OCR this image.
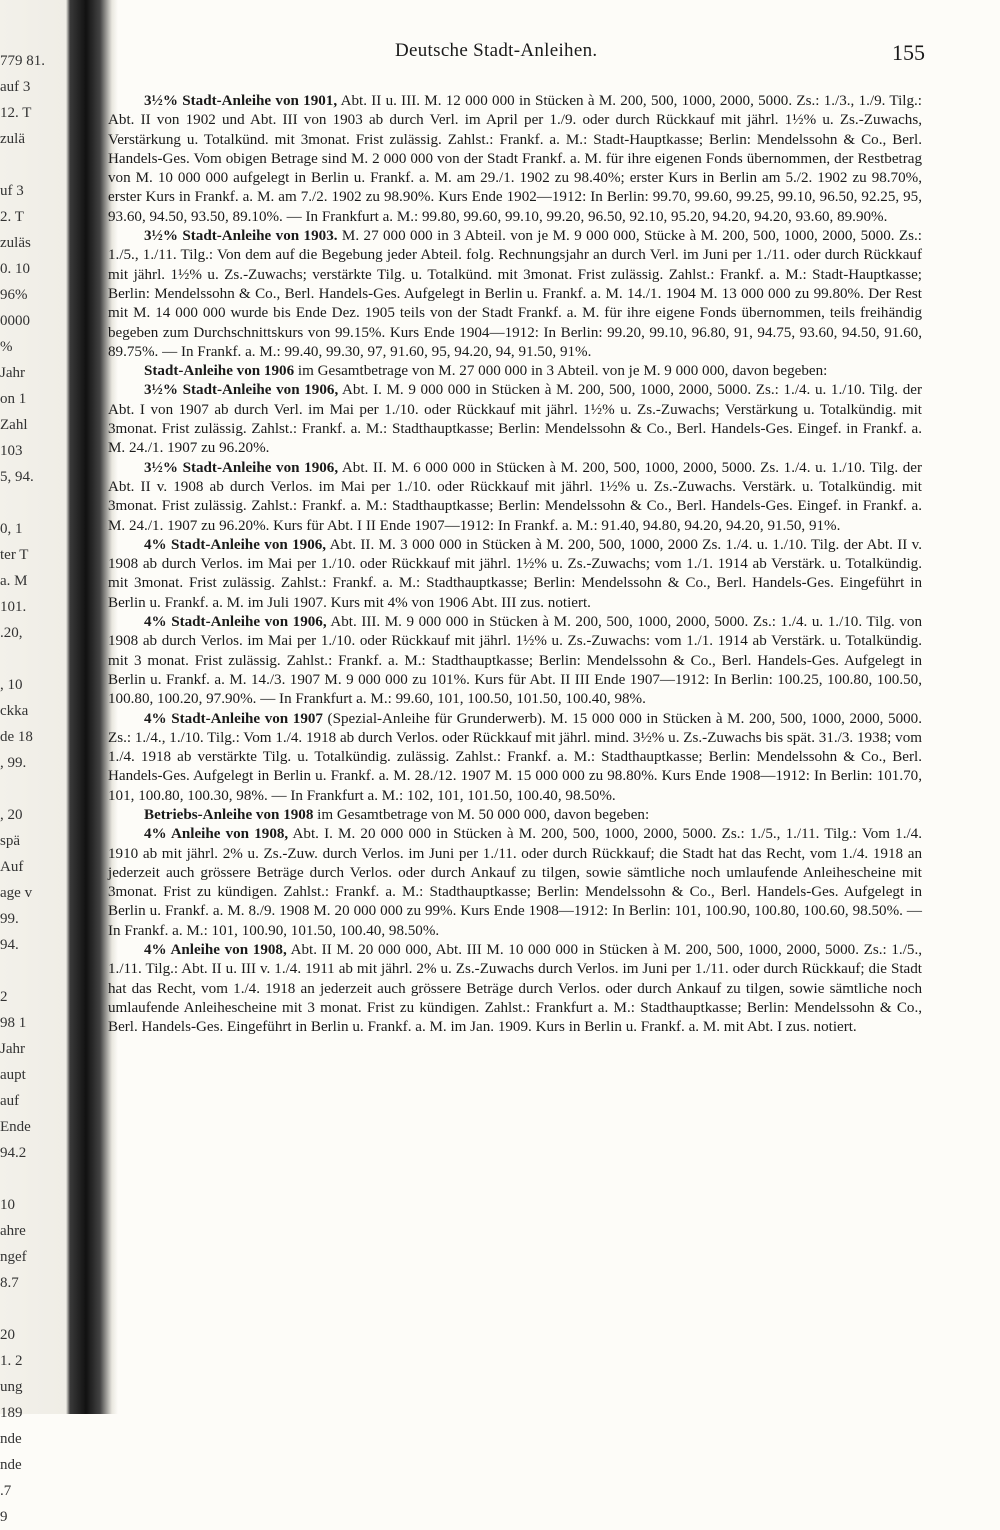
779 81.
auf 3
12. T
zulä
uf 3
2. T
zuläs
0. 10
96%
0000
%
Jahr
on 1
Zahl
103
5, 94.
0, 1
ter T
a. M
101.
.20,
, 10
ckka
de 18
, 99.
, 20
spä
Auf
age v
99.
94.
2
98 1
Jahr
aupt
auf
Ende
94.2
10
ahre
ngef
8.7
20
1. 2
ung
189
nde
nde
.7
9
Deutsche Stadt-Anleihen.	155

3½% Stadt-Anleihe von 1901, Abt. II u. III. M. 12 000 000 in Stücken à M. 200, 500, 1000, 2000, 5000. Zs.: 1./3., 1./9. Tilg.: Abt. II von 1902 und Abt. III von 1903 ab durch Verl. im April per 1./9. oder durch Rückkauf mit jährl. 1½% u. Zs.-Zuwachs, Verstärkung u. Totalkünd. mit 3monat. Frist zulässig. Zahlst.: Frankf. a. M.: Stadt-Hauptkasse; Berlin: Mendelssohn & Co., Berl. Handels-Ges. Vom obigen Betrage sind M. 2 000 000 von der Stadt Frankf. a. M. für ihre eigenen Fonds übernommen, der Restbetrag von M. 10 000 000 aufgelegt in Berlin u. Frankf. a. M. am 29./1. 1902 zu 98.40%; erster Kurs in Berlin am 5./2. 1902 zu 98.70%, erster Kurs in Frankf. a. M. am 7./2. 1902 zu 98.90%. Kurs Ende 1902—1912: In Berlin: 99.70, 99.60, 99.25, 99.10, 96.50, 92.25, 95, 93.60, 94.50, 93.50, 89.10%. — In Frankfurt a. M.: 99.80, 99.60, 99.10, 99.20, 96.50, 92.10, 95.20, 94.20, 94.20, 93.60, 89.90%.

3½% Stadt-Anleihe von 1903. M. 27 000 000 in 3 Abteil. von je M. 9 000 000, Stücke à M. 200, 500, 1000, 2000, 5000. Zs.: 1./5., 1./11. Tilg.: Von dem auf die Begebung jeder Abteil. folg. Rechnungsjahr an durch Verl. im Juni per 1./11. oder durch Rückkauf mit jährl. 1½% u. Zs.-Zuwachs; verstärkte Tilg. u. Totalkünd. mit 3monat. Frist zulässig. Zahlst.: Frankf. a. M.: Stadt-Hauptkasse; Berlin: Mendelssohn & Co., Berl. Handels-Ges. Aufgelegt in Berlin u. Frankf. a. M. 14./1. 1904 M. 13 000 000 zu 99.80%. Der Rest mit M. 14 000 000 wurde bis Ende Dez. 1905 teils von der Stadt Frankf. a. M. für ihre eigene Fonds übernommen, teils freihändig begeben zum Durchschnittskurs von 99.15%. Kurs Ende 1904—1912: In Berlin: 99.20, 99.10, 96.80, 91, 94.75, 93.60, 94.50, 91.60, 89.75%. — In Frankf. a. M.: 99.40, 99.30, 97, 91.60, 95, 94.20, 94, 91.50, 91%.

Stadt-Anleihe von 1906 im Gesamtbetrage von M. 27 000 000 in 3 Abteil. von je M. 9 000 000, davon begeben:

3½% Stadt-Anleihe von 1906, Abt. I. M. 9 000 000 in Stücken à M. 200, 500, 1000, 2000, 5000. Zs.: 1./4. u. 1./10. Tilg. der Abt. I von 1907 ab durch Verl. im Mai per 1./10. oder Rückkauf mit jährl. 1½% u. Zs.-Zuwachs; Verstärkung u. Totalkündig. mit 3monat. Frist zulässig. Zahlst.: Frankf. a. M.: Stadthauptkasse; Berlin: Mendelssohn & Co., Berl. Handels-Ges. Eingef. in Frankf. a. M. 24./1. 1907 zu 96.20%.

3½% Stadt-Anleihe von 1906, Abt. II. M. 6 000 000 in Stücken à M. 200, 500, 1000, 2000, 5000. Zs. 1./4. u. 1./10. Tilg. der Abt. II v. 1908 ab durch Verlos. im Mai per 1./10. oder Rückkauf mit jährl. 1½% u. Zs.-Zuwachs. Verstärk. u. Totalkündig. mit 3monat. Frist zulässig. Zahlst.: Frankf. a. M.: Stadthauptkasse; Berlin: Mendelssohn & Co., Berl. Handels-Ges. Eingef. in Frankf. a. M. 24./1. 1907 zu 96.20%. Kurs für Abt. I II Ende 1907—1912: In Frankf. a. M.: 91.40, 94.80, 94.20, 94.20, 91.50, 91%.

4% Stadt-Anleihe von 1906, Abt. II. M. 3 000 000 in Stücken à M. 200, 500, 1000, 2000 Zs. 1./4. u. 1./10. Tilg. der Abt. II v. 1908 ab durch Verlos. im Mai per 1./10. oder Rückkauf mit jährl. 1½% u. Zs.-Zuwachs; vom 1./1. 1914 ab Verstärk. u. Totalkündig. mit 3monat. Frist zulässig. Zahlst.: Frankf. a. M.: Stadthauptkasse; Berlin: Mendelssohn & Co., Berl. Handels-Ges. Eingeführt in Berlin u. Frankf. a. M. im Juli 1907. Kurs mit 4% von 1906 Abt. III zus. notiert.

4% Stadt-Anleihe von 1906, Abt. III. M. 9 000 000 in Stücken à M. 200, 500, 1000, 2000, 5000. Zs.: 1./4. u. 1./10. Tilg. von 1908 ab durch Verlos. im Mai per 1./10. oder Rückkauf mit jährl. 1½% u. Zs.-Zuwachs: vom 1./1. 1914 ab Verstärk. u. Totalkündig. mit 3 monat. Frist zulässig. Zahlst.: Frankf. a. M.: Stadthauptkasse; Berlin: Mendelssohn & Co., Berl. Handels-Ges. Aufgelegt in Berlin u. Frankf. a. M. 14./3. 1907 M. 9 000 000 zu 101%. Kurs für Abt. II III Ende 1907—1912: In Berlin: 100.25, 100.80, 100.50, 100.80, 100.20, 97.90%. — In Frankfurt a. M.: 99.60, 101, 100.50, 101.50, 100.40, 98%.

4% Stadt-Anleihe von 1907 (Spezial-Anleihe für Grunderwerb). M. 15 000 000 in Stücken à M. 200, 500, 1000, 2000, 5000. Zs.: 1./4., 1./10. Tilg.: Vom 1./4. 1918 ab durch Verlos. oder Rückkauf mit jährl. mind. 3½% u. Zs.-Zuwachs bis spät. 31./3. 1938; vom 1./4. 1918 ab verstärkte Tilg. u. Totalkündig. zulässig. Zahlst.: Frankf. a. M.: Stadthauptkasse; Berlin: Mendelssohn & Co., Berl. Handels-Ges. Aufgelegt in Berlin u. Frankf. a. M. 28./12. 1907 M. 15 000 000 zu 98.80%. Kurs Ende 1908—1912: In Berlin: 101.70, 101, 100.80, 100.30, 98%. — In Frankfurt a. M.: 102, 101, 101.50, 100.40, 98.50%.

Betriebs-Anleihe von 1908 im Gesamtbetrage von M. 50 000 000, davon begeben:

4% Anleihe von 1908, Abt. I. M. 20 000 000 in Stücken à M. 200, 500, 1000, 2000, 5000. Zs.: 1./5., 1./11. Tilg.: Vom 1./4. 1910 ab mit jährl. 2% u. Zs.-Zuw. durch Verlos. im Juni per 1./11. oder durch Rückkauf; die Stadt hat das Recht, vom 1./4. 1918 an jederzeit auch grössere Beträge durch Verlos. oder durch Ankauf zu tilgen, sowie sämtliche noch umlaufende Anleihescheine mit 3monat. Frist zu kündigen. Zahlst.: Frankf. a. M.: Stadthauptkasse; Berlin: Mendelssohn & Co., Berl. Handels-Ges. Aufgelegt in Berlin u. Frankf. a. M. 8./9. 1908 M. 20 000 000 zu 99%. Kurs Ende 1908—1912: In Berlin: 101, 100.90, 100.80, 100.60, 98.50%. — In Frankf. a. M.: 101, 100.90, 101.50, 100.40, 98.50%.

4% Anleihe von 1908, Abt. II M. 20 000 000, Abt. III M. 10 000 000 in Stücken à M. 200, 500, 1000, 2000, 5000. Zs.: 1./5., 1./11. Tilg.: Abt. II u. III v. 1./4. 1911 ab mit jährl. 2% u. Zs.-Zuwachs durch Verlos. im Juni per 1./11. oder durch Rückkauf; die Stadt hat das Recht, vom 1./4. 1918 an jederzeit auch grössere Beträge durch Verlos. oder durch Ankauf zu tilgen, sowie sämtliche noch umlaufende Anleihescheine mit 3 monat. Frist zu kündigen. Zahlst.: Frankfurt a. M.: Stadthauptkasse; Berlin: Mendelssohn & Co., Berl. Handels-Ges. Eingeführt in Berlin u. Frankf. a. M. im Jan. 1909. Kurs in Berlin u. Frankf. a. M. mit Abt. I zus. notiert.
